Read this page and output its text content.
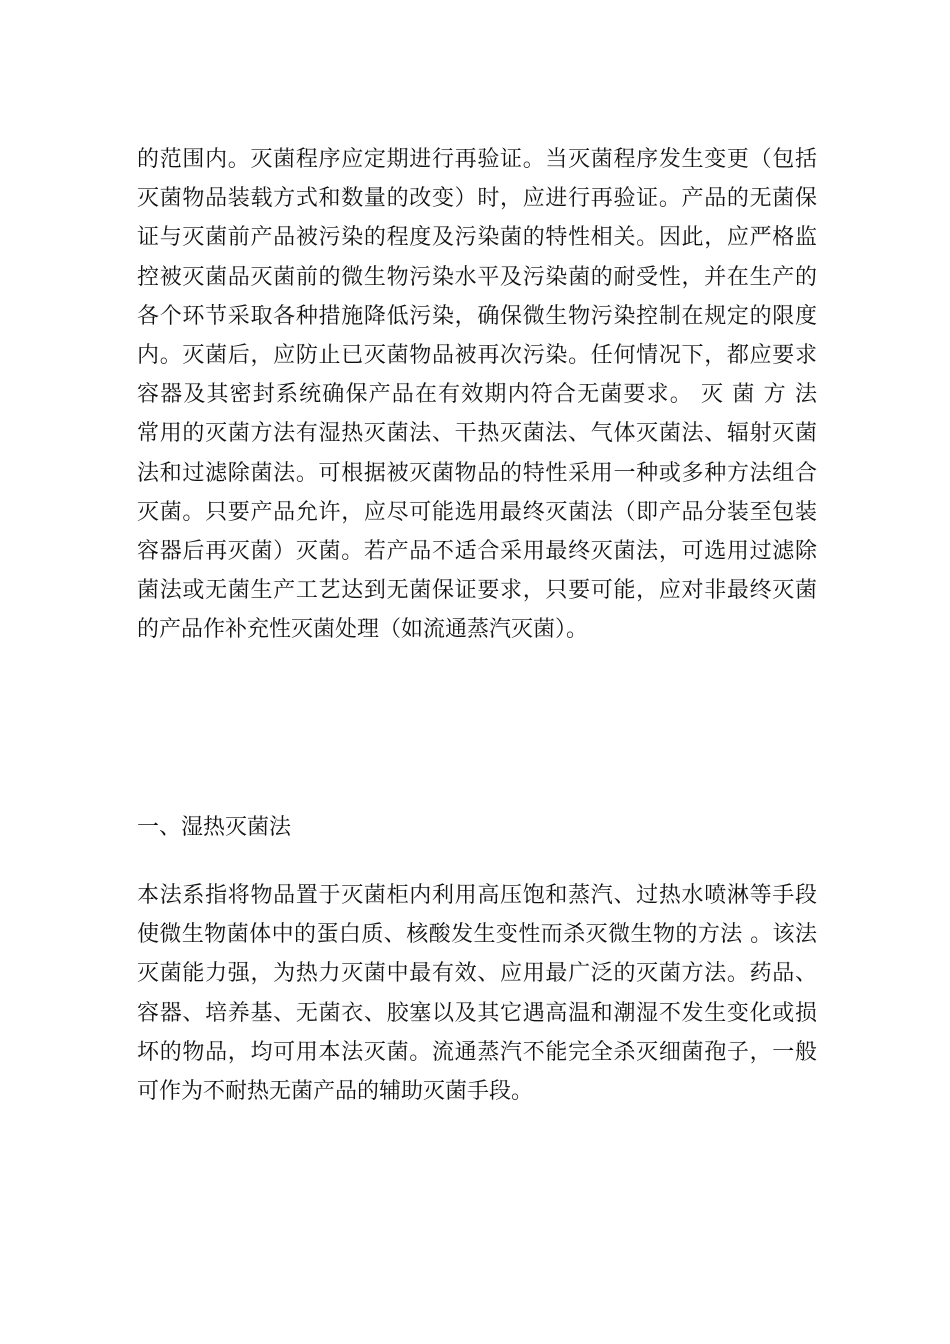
的范围内。灭菌程序应定期进行再验证。当灭菌程序发生变更（包括
灭菌物品装载方式和数量的改变）时，应进行再验证。产品的无菌保
证与灭菌前产品被污染的程度及污染菌的特性相关。因此，应严格监
控被灭菌品灭菌前的微生物污染水平及污染菌的耐受性，并在生产的
各个环节采取各种措施降低污染，确保微生物污染控制在规定的限度
内。灭菌后，应防止已灭菌物品被再次污染。任何情况下，都应要求
容器及其密封系统确保产品在有效期内符合无菌要求。 灭 菌 方 法
常用的灭菌方法有湿热灭菌法、干热灭菌法、气体灭菌法、辐射灭菌
法和过滤除菌法。可根据被灭菌物品的特性采用一种或多种方法组合
灭菌。只要产品允许，应尽可能选用最终灭菌法（即产品分装至包装
容器后再灭菌）灭菌。若产品不适合采用最终灭菌法，可选用过滤除
菌法或无菌生产工艺达到无菌保证要求，只要可能，应对非最终灭菌
的产品作补充性灭菌处理（如流通蒸汽灭菌）。
一、湿热灭菌法
本法系指将物品置于灭菌柜内利用高压饱和蒸汽、过热水喷淋等手段
使微生物菌体中的蛋白质、核酸发生变性而杀灭微生物的方法 。该法
灭菌能力强，为热力灭菌中最有效、应用最广泛的灭菌方法。药品、
容器、培养基、无菌衣、胶塞以及其它遇高温和潮湿不发生变化或损
坏的物品，均可用本法灭菌。流通蒸汽不能完全杀灭细菌孢子，一般
可作为不耐热无菌产品的辅助灭菌手段。
